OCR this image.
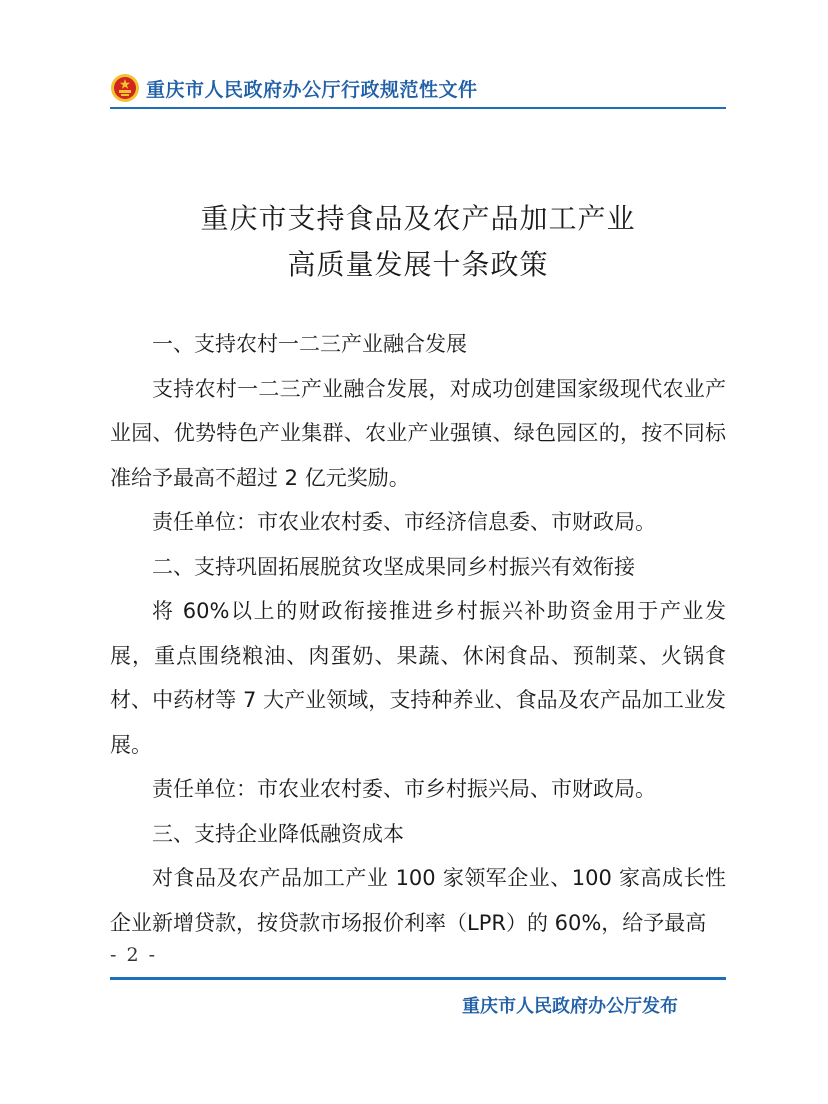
重庆市人民政府办公厅行政规范性文件
重庆市支持食品及农产品加工产业
高质量发展十条政策

一、支持农村一二三产业融合发展

支持农村一二三产业融合发展，对成功创建国家级现代农业产业园、优势特色产业集群、农业产业强镇、绿色园区的，按不同标准给予最高不超过 2 亿元奖励。

责任单位：市农业农村委、市经济信息委、市财政局。

二、支持巩固拓展脱贫攻坚成果同乡村振兴有效衔接

将 60%以上的财政衔接推进乡村振兴补助资金用于产业发展，重点围绕粮油、肉蛋奶、果蔬、休闲食品、预制菜、火锅食材、中药材等 7 大产业领域，支持种养业、食品及农产品加工业发展。

责任单位：市农业农村委、市乡村振兴局、市财政局。

三、支持企业降低融资成本

对食品及农产品加工产业 100 家领军企业、100 家高成长性企业新增贷款，按贷款市场报价利率（LPR）的 60%，给予最高

- 2 -
重庆市人民政府办公厅发布
